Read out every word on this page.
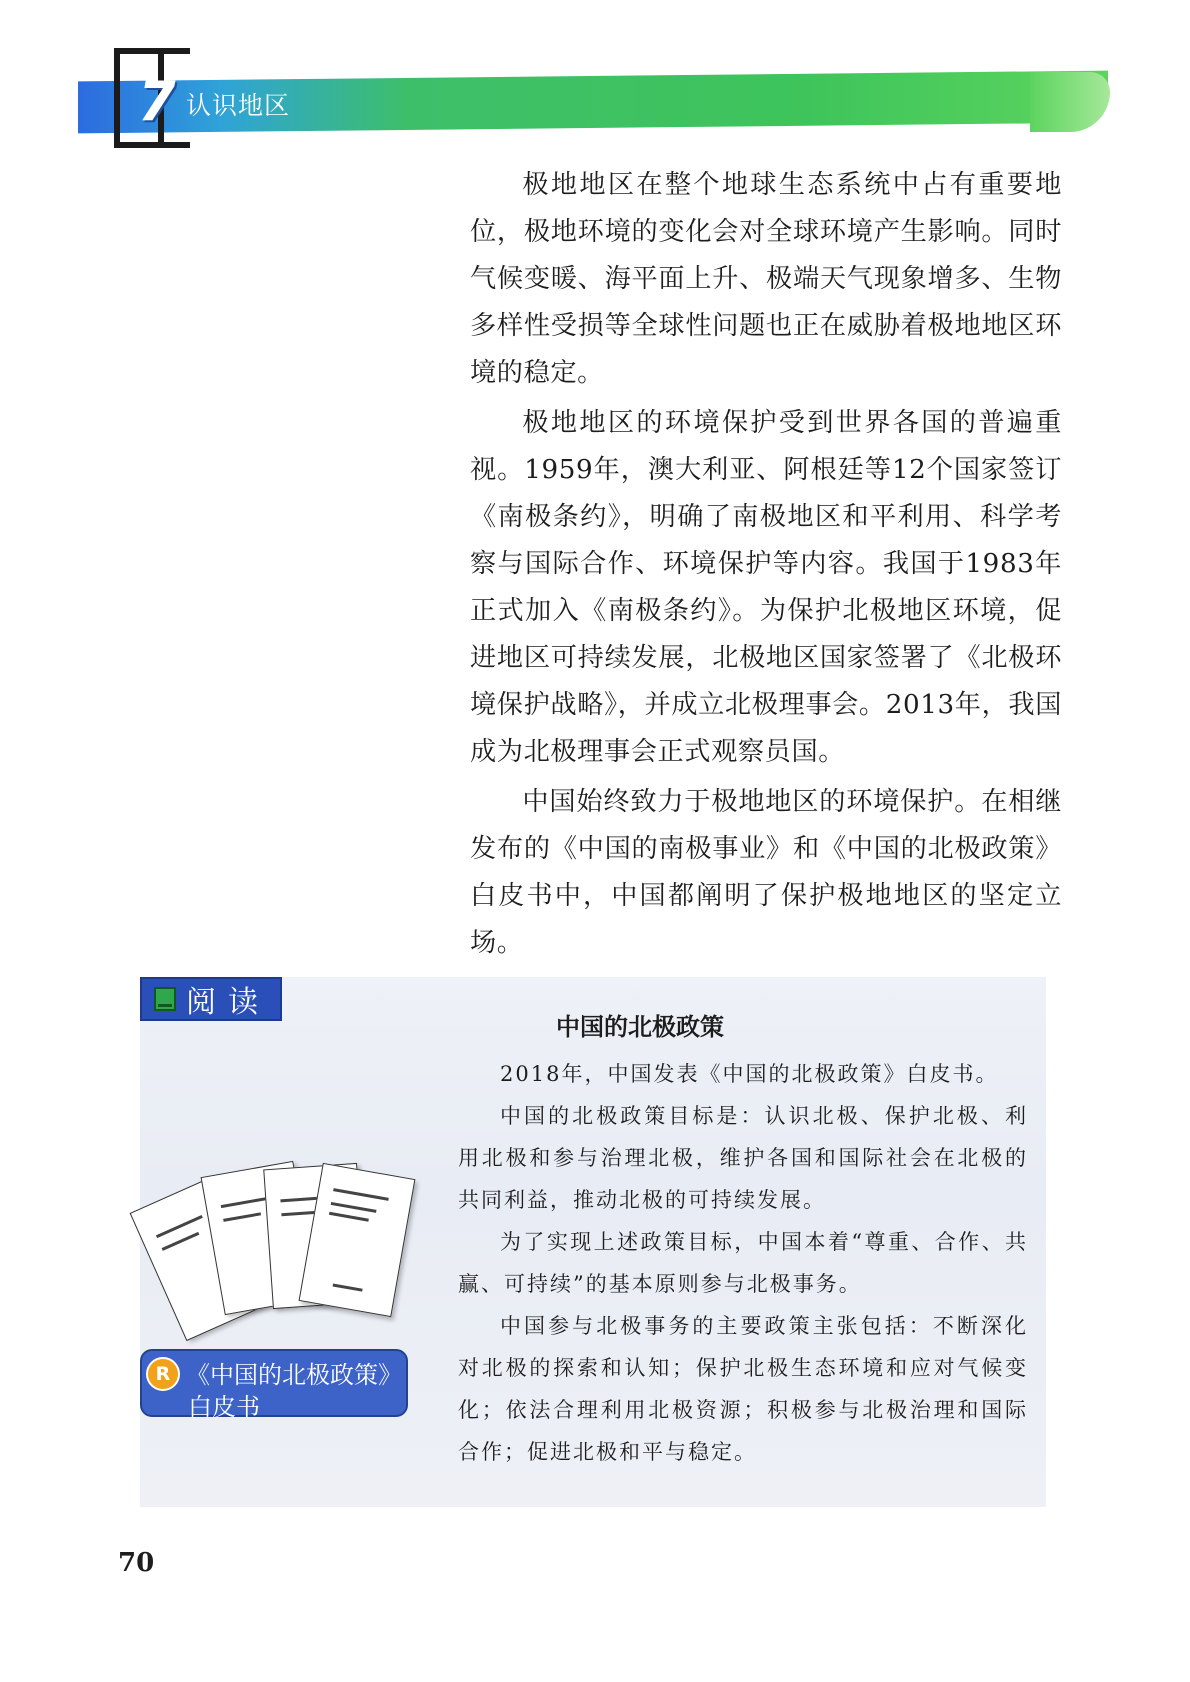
7 认识地区

极地地区在整个地球生态系统中占有重要地位，极地环境的变化会对全球环境产生影响。同时气候变暖、海平面上升、极端天气现象增多、生物多样性受损等全球性问题也正在威胁着极地地区环境的稳定。

极地地区的环境保护受到世界各国的普遍重视。1959年，澳大利亚、阿根廷等12个国家签订《南极条约》，明确了南极地区和平利用、科学考察与国际合作、环境保护等内容。我国于1983年正式加入《南极条约》。为保护北极地区环境，促进地区可持续发展，北极地区国家签署了《北极环境保护战略》，并成立北极理事会。2013年，我国成为北极理事会正式观察员国。

中国始终致力于极地地区的环境保护。在相继发布的《中国的南极事业》和《中国的北极政策》白皮书中，中国都阐明了保护极地地区的坚定立场。

阅读
中国的北极政策

2018年，中国发表《中国的北极政策》白皮书。

中国的北极政策目标是：认识北极、保护北极、利用北极和参与治理北极，维护各国和国际社会在北极的共同利益，推动北极的可持续发展。

为了实现上述政策目标，中国本着“尊重、合作、共赢、可持续”的基本原则参与北极事务。

中国参与北极事务的主要政策主张包括：不断深化对北极的探索和认知；保护北极生态环境和应对气候变化；依法合理利用北极资源；积极参与北极治理和国际合作；促进北极和平与稳定。

R 《中国的北极政策》
白皮书
70
